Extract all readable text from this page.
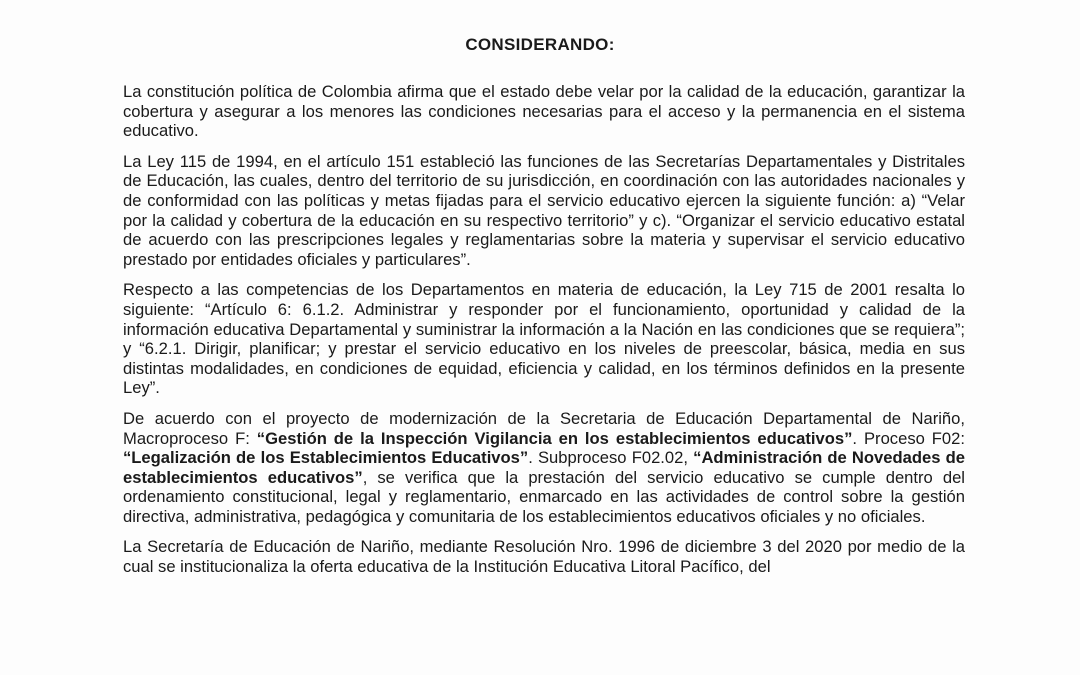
CONSIDERANDO:

La constitución política de Colombia afirma que el estado debe velar por la calidad de la educación, garantizar la cobertura y asegurar a los menores las condiciones necesarias para el acceso y la permanencia en el sistema educativo.

La Ley 115 de 1994, en el artículo 151 estableció las funciones de las Secretarías Departamentales y Distritales de Educación, las cuales, dentro del territorio de su jurisdicción, en coordinación con las autoridades nacionales y de conformidad con las políticas y metas fijadas para el servicio educativo ejercen la siguiente función: a) “Velar por la calidad y cobertura de la educación en su respectivo territorio” y c). “Organizar el servicio educativo estatal de acuerdo con las prescripciones legales y reglamentarias sobre la materia y supervisar el servicio educativo prestado por entidades oficiales y particulares”.

Respecto a las competencias de los Departamentos en materia de educación, la Ley 715 de 2001 resalta lo siguiente: “Artículo 6: 6.1.2. Administrar y responder por el funcionamiento, oportunidad y calidad de la información educativa Departamental y suministrar la información a la Nación en las condiciones que se requiera”; y “6.2.1. Dirigir, planificar; y prestar el servicio educativo en los niveles de preescolar, básica, media en sus distintas modalidades, en condiciones de equidad, eficiencia y calidad, en los términos definidos en la presente Ley”.

De acuerdo con el proyecto de modernización de la Secretaria de Educación Departamental de Nariño, Macroproceso F: “Gestión de la Inspección Vigilancia en los establecimientos educativos”. Proceso F02: “Legalización de los Establecimientos Educativos”. Subproceso F02.02, “Administración de Novedades de establecimientos educativos”, se verifica que la prestación del servicio educativo se cumple dentro del ordenamiento constitucional, legal y reglamentario, enmarcado en las actividades de control sobre la gestión directiva, administrativa, pedagógica y comunitaria de los establecimientos educativos oficiales y no oficiales.

La Secretaría de Educación de Nariño, mediante Resolución Nro. 1996 de diciembre 3 del 2020 por medio de la cual se institucionaliza la oferta educativa de la Institución Educativa Litoral Pacífico, del
